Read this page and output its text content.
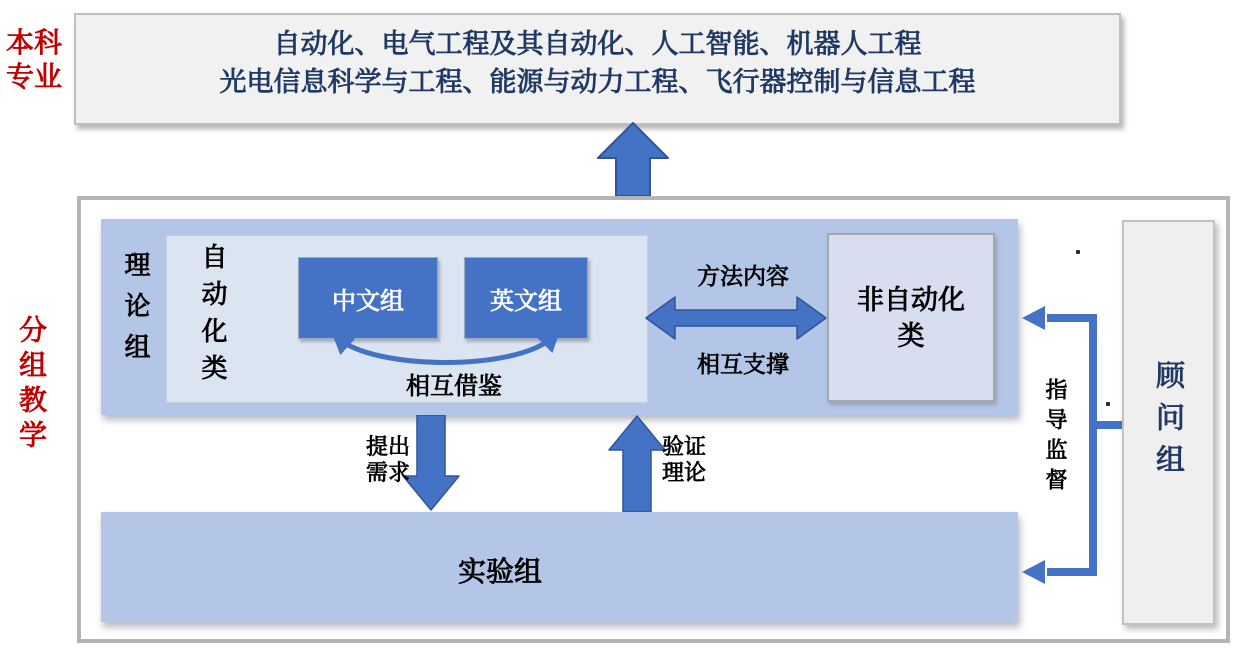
本科
专业
分组教学
自动化、电气工程及其自动化、人工智能、机器人工程
光电信息科学与工程、能源与动力工程、飞行器控制与信息工程
理论组 自动化类	中文组	英文组
相互借鉴
方法内容
相互支撑
非自动化
类
提出
需求
验证
理论
实验组
指导监督	顾问组
